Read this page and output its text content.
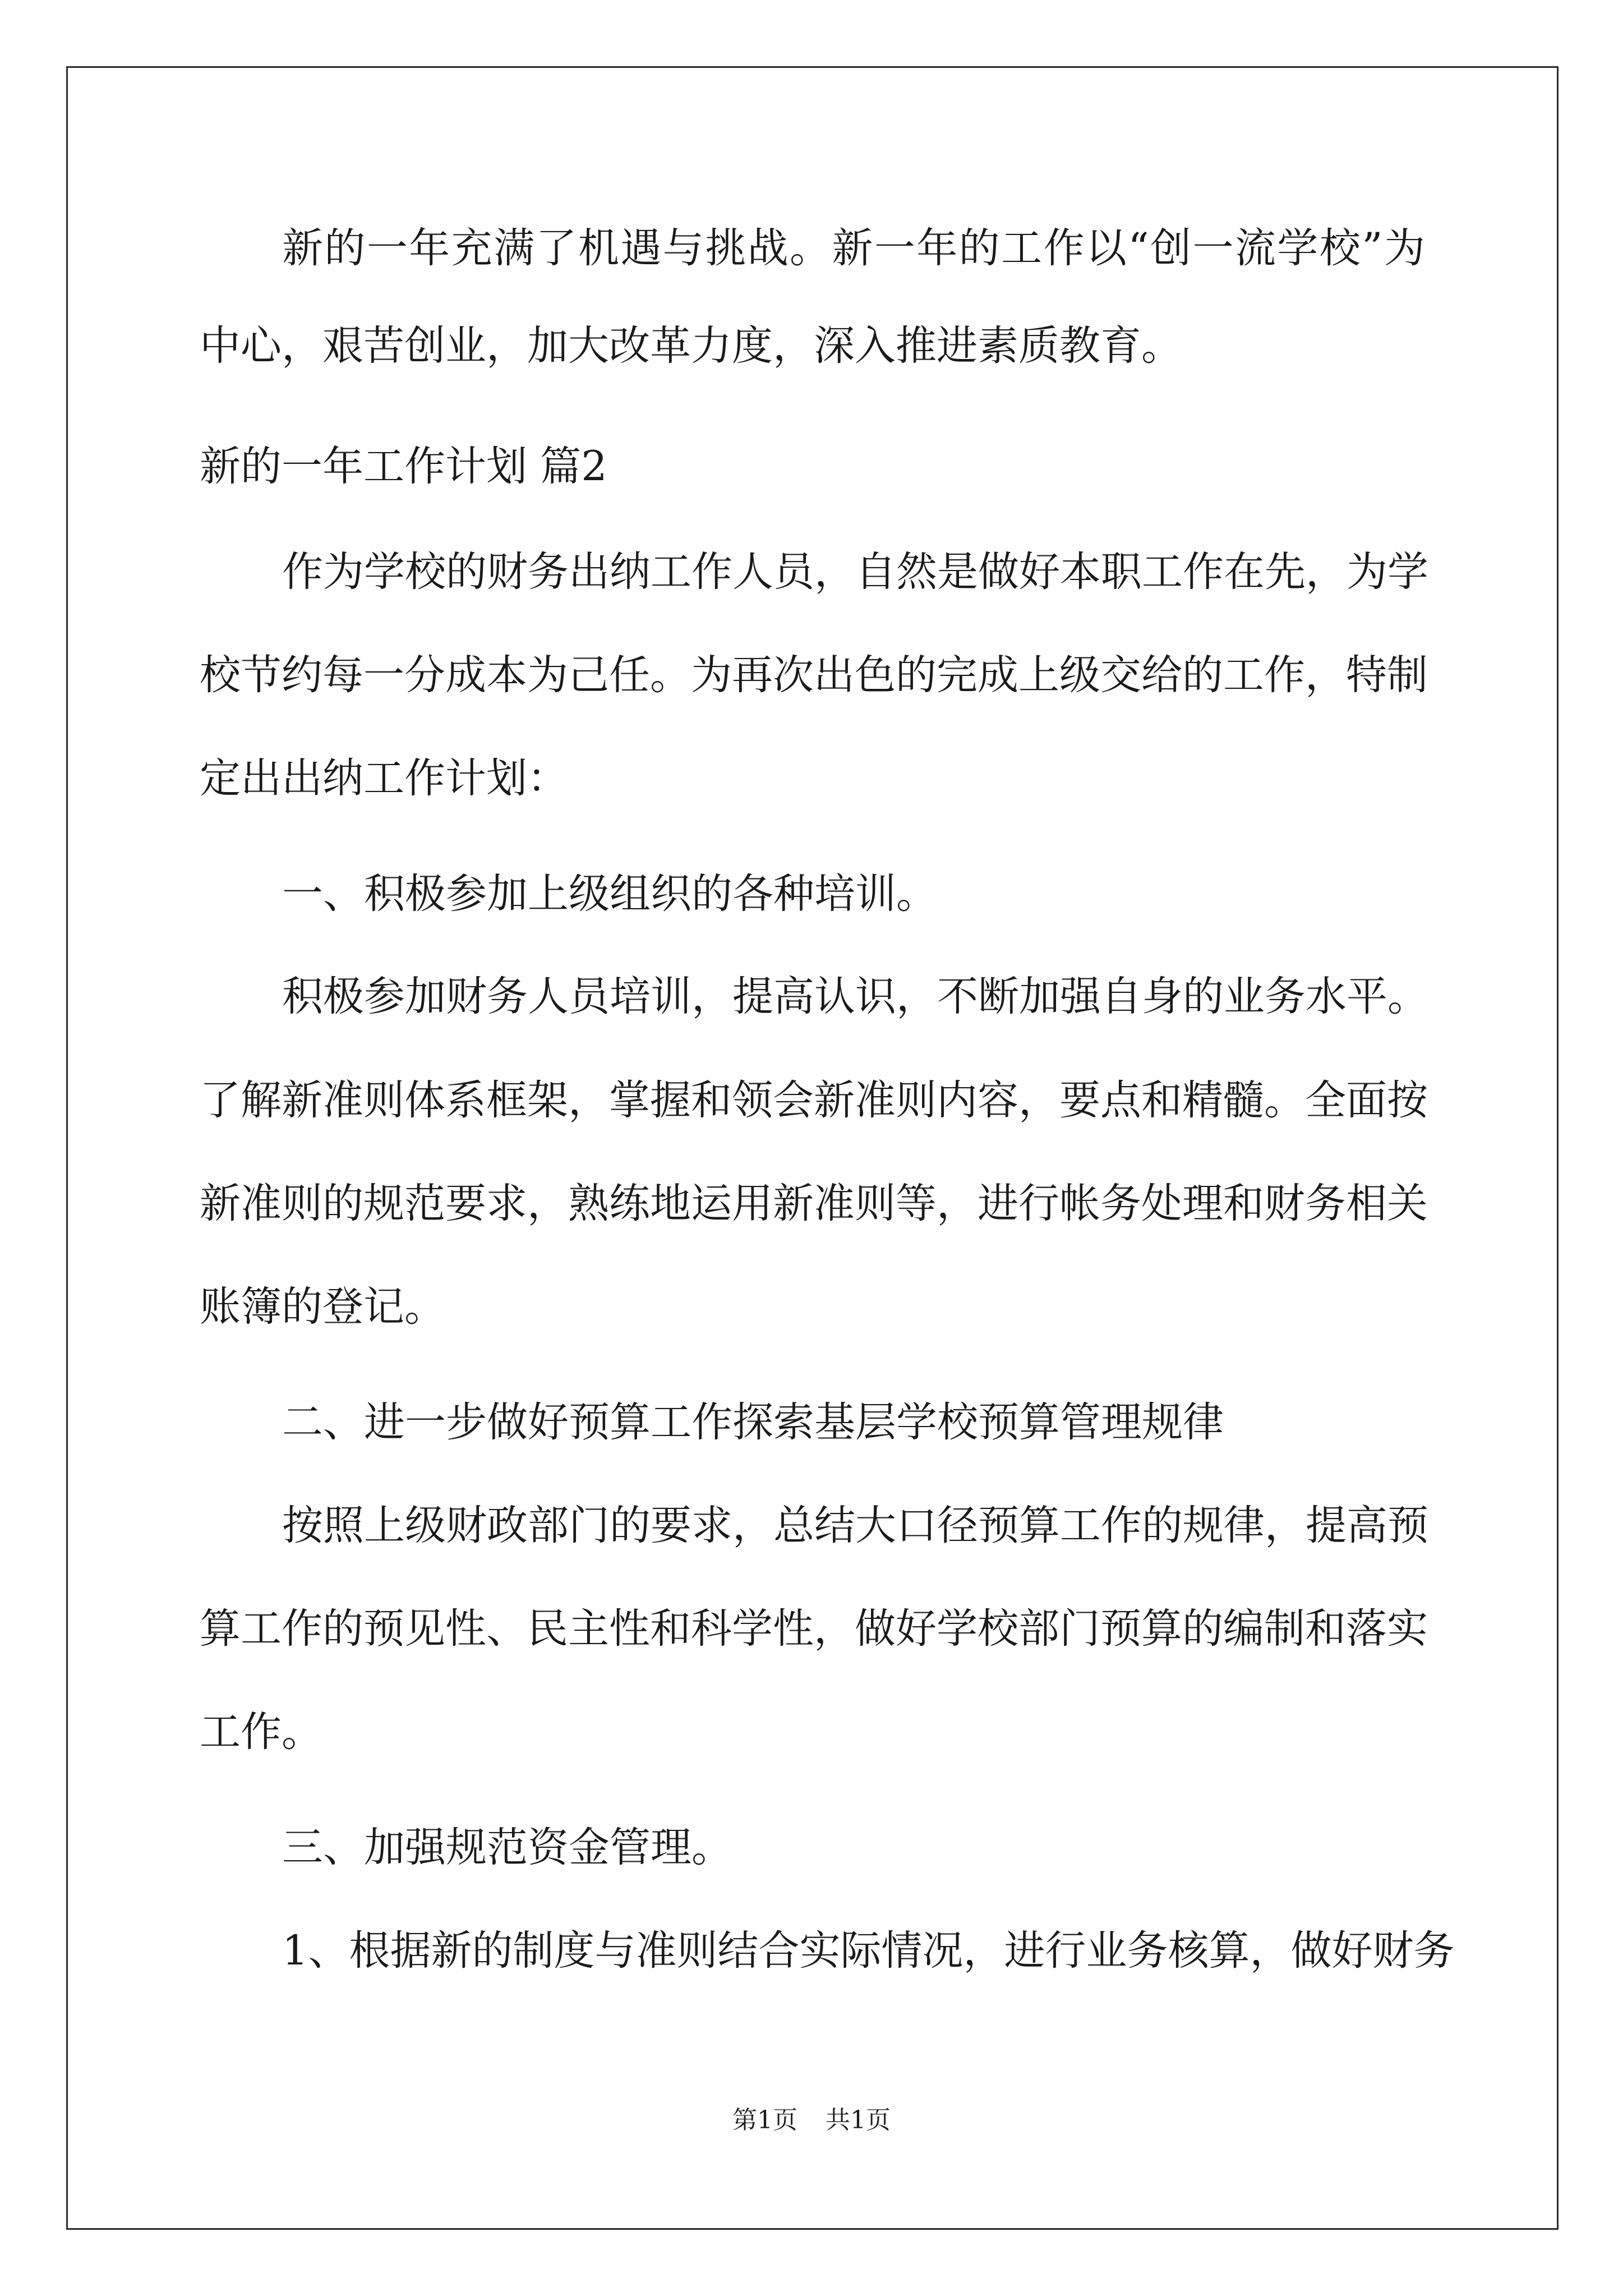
新的一年充满了机遇与挑战。新一年的工作以“创一流学校”为
中心，艰苦创业，加大改革力度，深入推进素质教育。
新的一年工作计划 篇2
作为学校的财务出纳工作人员，自然是做好本职工作在先，为学
校节约每一分成本为己任。为再次出色的完成上级交给的工作，特制
定出出纳工作计划：
一、积极参加上级组织的各种培训。
积极参加财务人员培训，提高认识，不断加强自身的业务水平。
了解新准则体系框架，掌握和领会新准则内容，要点和精髓。全面按
新准则的规范要求，熟练地运用新准则等，进行帐务处理和财务相关
账簿的登记。
二、进一步做好预算工作探索基层学校预算管理规律
按照上级财政部门的要求，总结大口径预算工作的规律，提高预
算工作的预见性、民主性和科学性，做好学校部门预算的编制和落实
工作。
三、加强规范资金管理。
1、根据新的制度与准则结合实际情况，进行业务核算，做好财务
第1页 共1页
